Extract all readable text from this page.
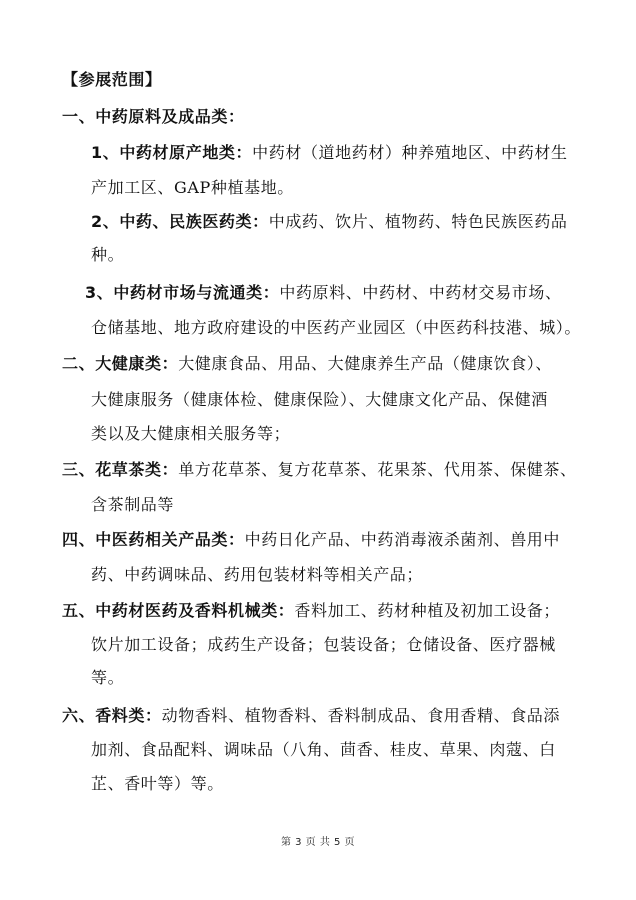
【参展范围】
一、中药原料及成品类：
1、中药材原产地类：中药材（道地药材）种养殖地区、中药材生
产加工区、GAP种植基地。
2、中药、民族医药类：中成药、饮片、植物药、特色民族医药品
种。
3、中药材市场与流通类：中药原料、中药材、中药材交易市场、
仓储基地、地方政府建设的中医药产业园区（中医药科技港、城）。
二、大健康类：大健康食品、用品、大健康养生产品（健康饮食）、
大健康服务（健康体检、健康保险）、大健康文化产品、保健酒
类以及大健康相关服务等；
三、花草茶类：单方花草茶、复方花草茶、花果茶、代用茶、保健茶、
含茶制品等
四、中医药相关产品类：中药日化产品、中药消毒液杀菌剂、兽用中
药、中药调味品、药用包装材料等相关产品；
五、中药材医药及香料机械类：香料加工、药材种植及初加工设备；
饮片加工设备；成药生产设备；包装设备；仓储设备、医疗器械
等。
六、香料类：动物香料、植物香料、香料制成品、食用香精、食品添
加剂、食品配料、调味品（八角、茴香、桂皮、草果、肉蔻、白
芷、香叶等）等。
第 3 页 共 5 页
